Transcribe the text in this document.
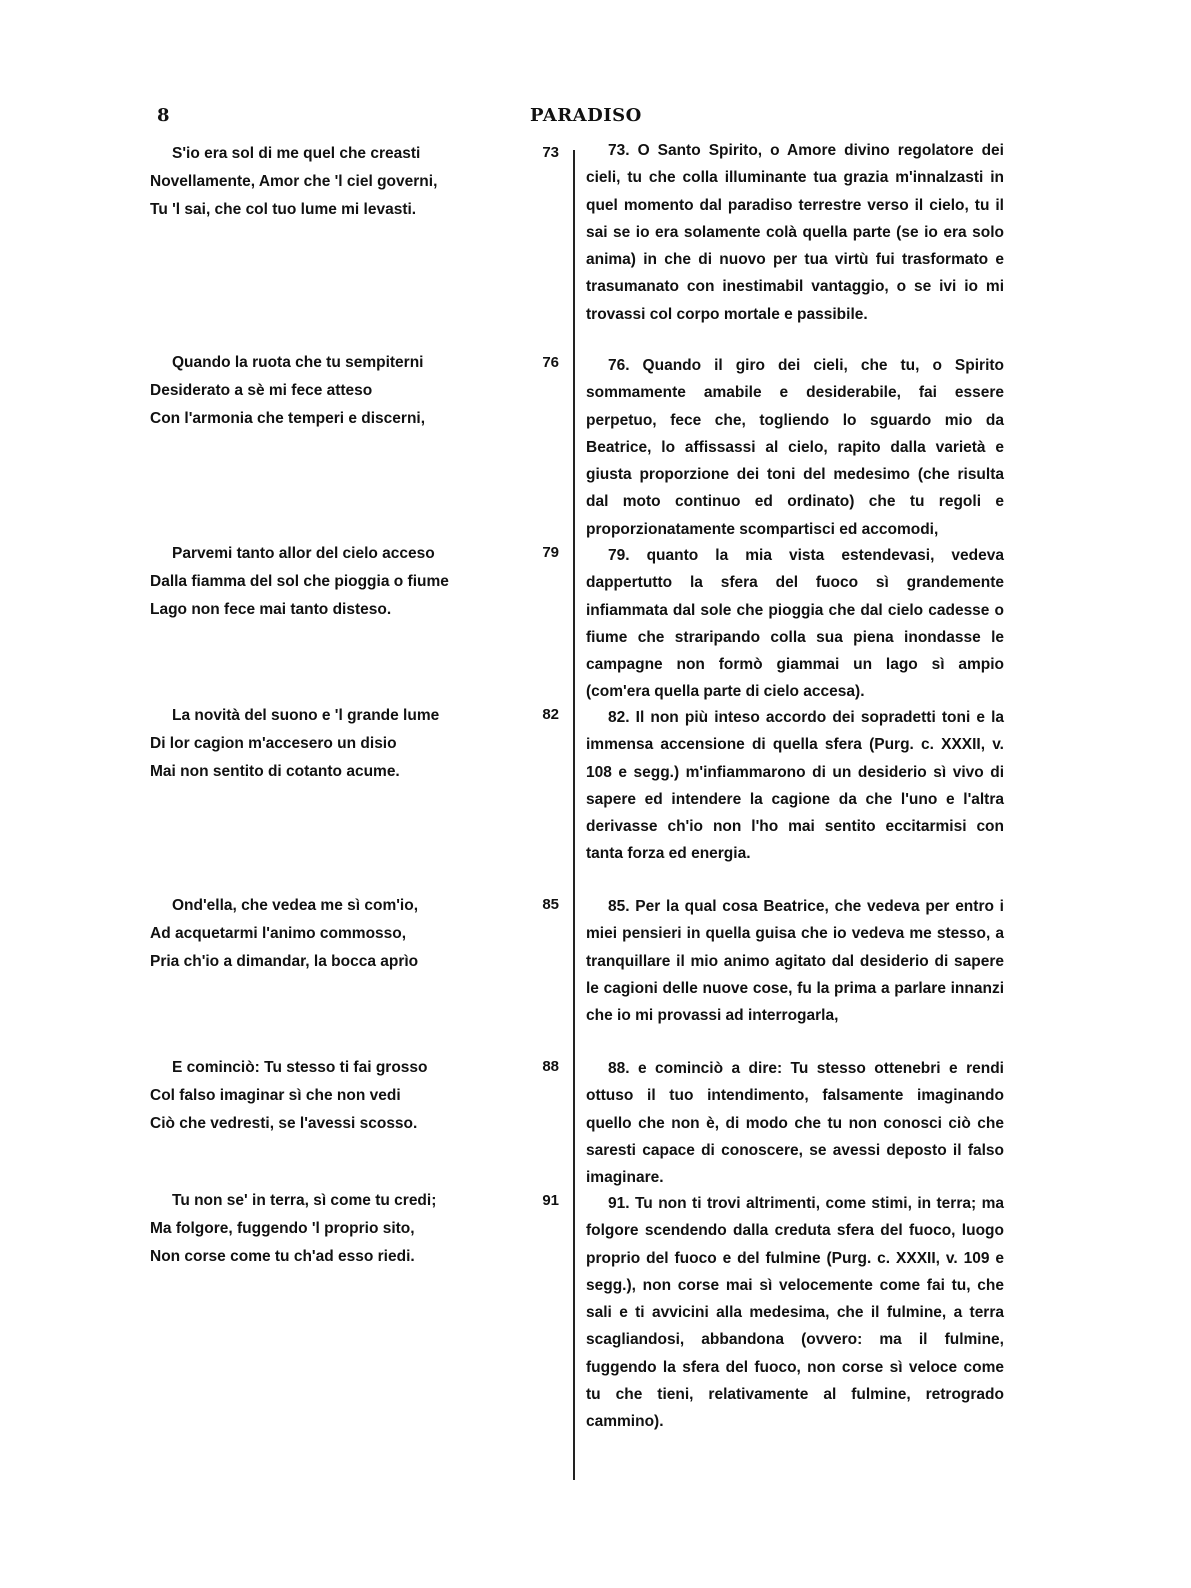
8	PARADISO
S'io era sol di me quel che creasti
Novellamente, Amor che 'l ciel governi,
Tu 'l sai, che col tuo lume mi levasti.
Quando la ruota che tu sempiterni
Desiderato a sè mi fece atteso
Con l'armonia che temperi e discerni,
Parvemi tanto allor del cielo acceso
Dalla fiamma del sol che pioggia o fiume
Lago non fece mai tanto disteso.
La novità del suono e 'l grande lume
Di lor cagion m'accesero un disio
Mai non sentito di cotanto acume.
Ond'ella, che vedea me sì com'io,
Ad acquetarmi l'animo commosso,
Pria ch'io a dimandar, la bocca aprìo
E cominciò: Tu stesso ti fai grosso
Col falso imaginar sì che non vedi
Ciò che vedresti, se l'avessi scosso.
Tu non se' in terra, sì come tu credi;
Ma folgore, fuggendo 'l proprio sito,
Non corse come tu ch'ad esso riedi.
73
76
79
82
85
88
91

73. O Santo Spirito, o Amore divino regolatore dei cieli, tu che colla illuminante tua grazia m'innalzasti in quel momento dal paradiso terrestre verso il cielo, tu il sai se io era solamente colà quella parte (se io era solo anima) in che di nuovo per tua virtù fui trasformato e trasumanato con inestimabil vantaggio, o se ivi io mi trovassi col corpo mortale e passibile.

76. Quando il giro dei cieli, che tu, o Spirito sommamente amabile e desiderabile, fai essere perpetuo, fece che, togliendo lo sguardo mio da Beatrice, lo affissassi al cielo, rapito dalla varietà e giusta proporzione dei toni del medesimo (che risulta dal moto continuo ed ordinato) che tu regoli e proporzionatamente scompartisci ed accomodi,

79. quanto la mia vista estendevasi, vedeva dappertutto la sfera del fuoco sì grandemente infiammata dal sole che pioggia che dal cielo cadesse o fiume che straripando colla sua piena inondasse le campagne non formò giammai un lago sì ampio (com'era quella parte di cielo accesa).

82. Il non più inteso accordo dei sopradetti toni e la immensa accensione di quella sfera (Purg. c. XXXII, v. 108 e segg.) m'infiammarono di un desiderio sì vivo di sapere ed intendere la cagione da che l'uno e l'altra derivasse ch'io non l'ho mai sentito eccitarmisi con tanta forza ed energia.

85. Per la qual cosa Beatrice, che vedeva per entro i miei pensieri in quella guisa che io vedeva me stesso, a tranquillare il mio animo agitato dal desiderio di sapere le cagioni delle nuove cose, fu la prima a parlare innanzi che io mi provassi ad interrogarla,

88. e cominciò a dire: Tu stesso ottenebri e rendi ottuso il tuo intendimento, falsamente imaginando quello che non è, di modo che tu non conosci ciò che saresti capace di conoscere, se avessi deposto il falso imaginare.

91. Tu non ti trovi altrimenti, come stimi, in terra; ma folgore scendendo dalla creduta sfera del fuoco, luogo proprio del fuoco e del fulmine (Purg. c. XXXII, v. 109 e segg.), non corse mai sì velocemente come fai tu, che sali e ti avvicini alla medesima, che il fulmine, a terra scagliandosi, abbandona (ovvero: ma il fulmine, fuggendo la sfera del fuoco, non corse sì veloce come tu che tieni, relativamente al fulmine, retrogrado cammino).
